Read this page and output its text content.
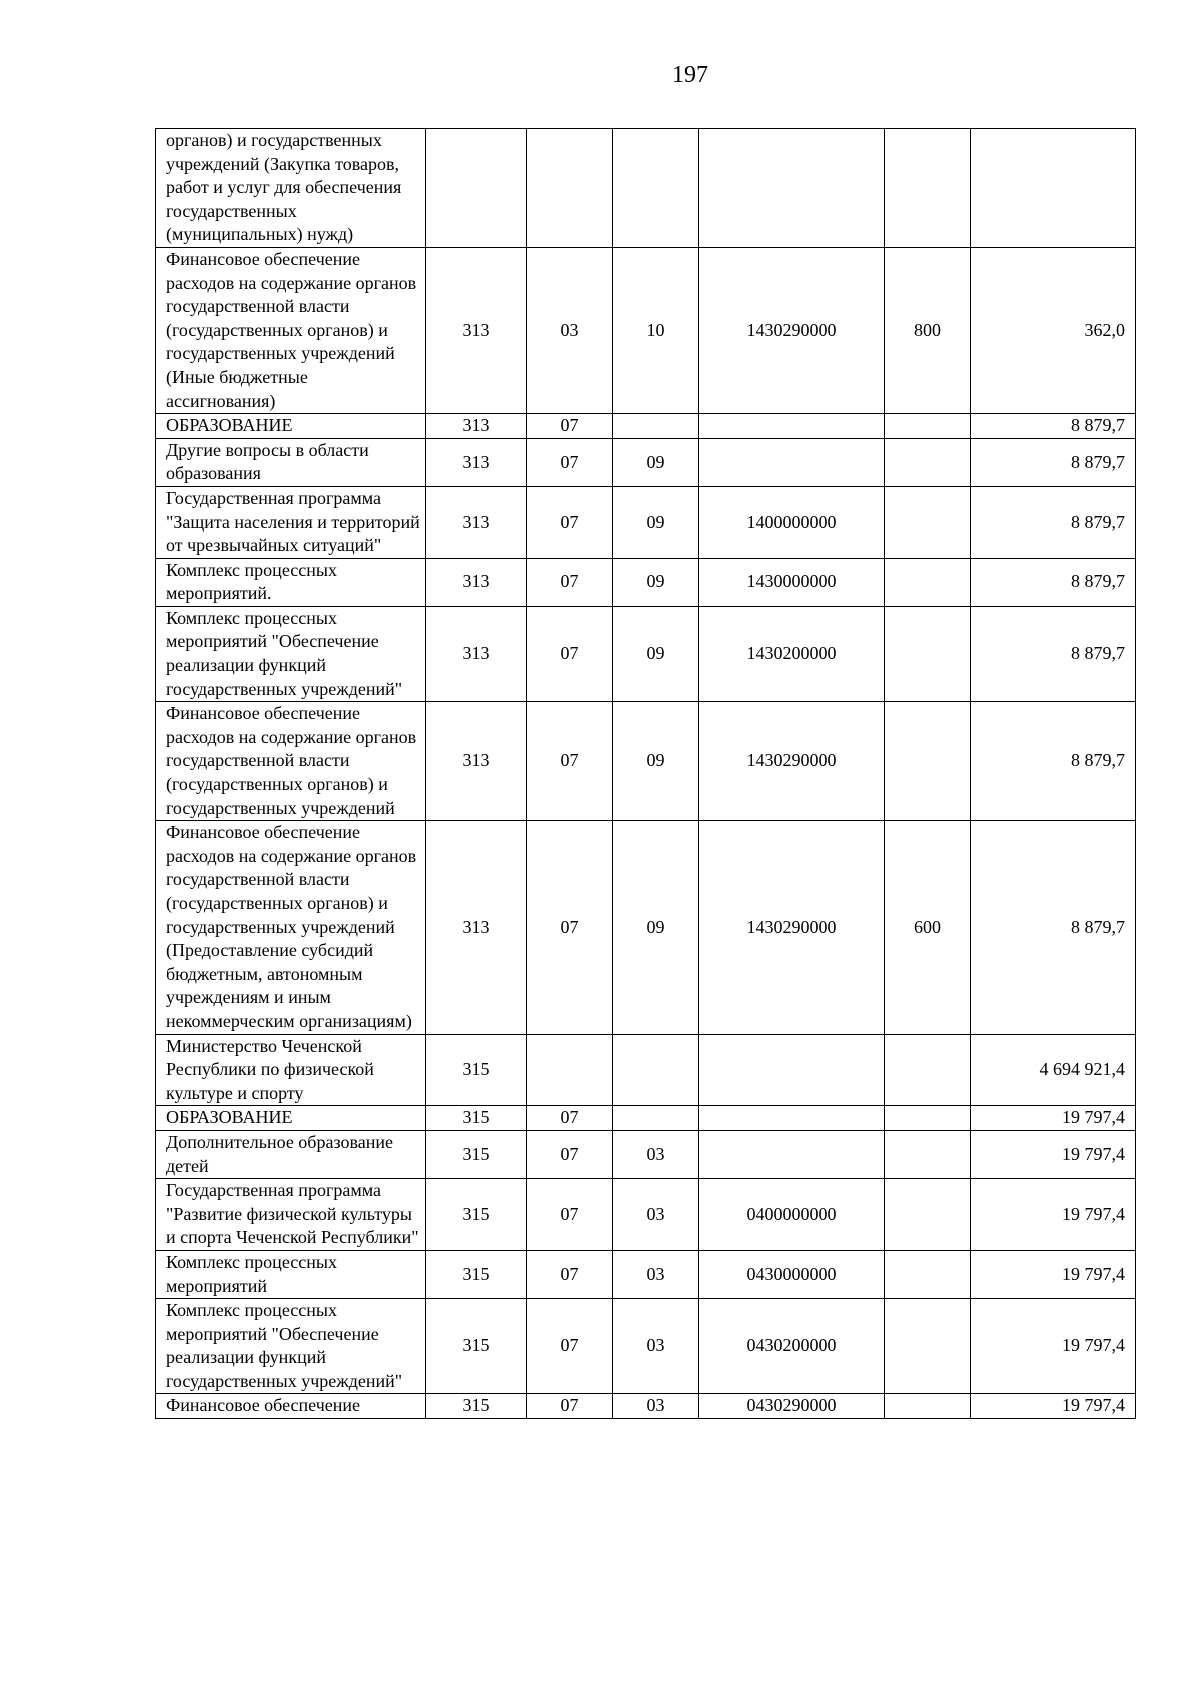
197
органов) и государственных учреждений (Закупка товаров, работ и услуг для обеспечения государственных (муниципальных) нужд)						
Финансовое обеспечение расходов на содержание органов государственной власти (государственных органов) и государственных учреждений (Иные бюджетные ассигнования)	313	03	10	1430290000	800	362,0
ОБРАЗОВАНИЕ	313	07				8 879,7
Другие вопросы в области образования	313	07	09			8 879,7
Государственная программа "Защита населения и территорий от чрезвычайных ситуаций"	313	07	09	1400000000		8 879,7
Комплекс процессных мероприятий.	313	07	09	1430000000		8 879,7
Комплекс процессных мероприятий "Обеспечение реализации функций государственных учреждений"	313	07	09	1430200000		8 879,7
Финансовое обеспечение расходов на содержание органов государственной власти (государственных органов) и государственных учреждений	313	07	09	1430290000		8 879,7
Финансовое обеспечение расходов на содержание органов государственной власти (государственных органов) и государственных учреждений (Предоставление субсидий бюджетным, автономным учреждениям и иным некоммерческим организациям)	313	07	09	1430290000	600	8 879,7
Министерство Чеченской Республики по физической культуре и спорту	315					4 694 921,4
ОБРАЗОВАНИЕ	315	07				19 797,4
Дополнительное образование детей	315	07	03			19 797,4
Государственная программа "Развитие физической культуры и спорта Чеченской Республики"	315	07	03	0400000000		19 797,4
Комплекс процессных мероприятий	315	07	03	0430000000		19 797,4
Комплекс процессных мероприятий "Обеспечение реализации функций государственных учреждений"	315	07	03	0430200000		19 797,4
Финансовое обеспечение	315	07	03	0430290000		19 797,4
